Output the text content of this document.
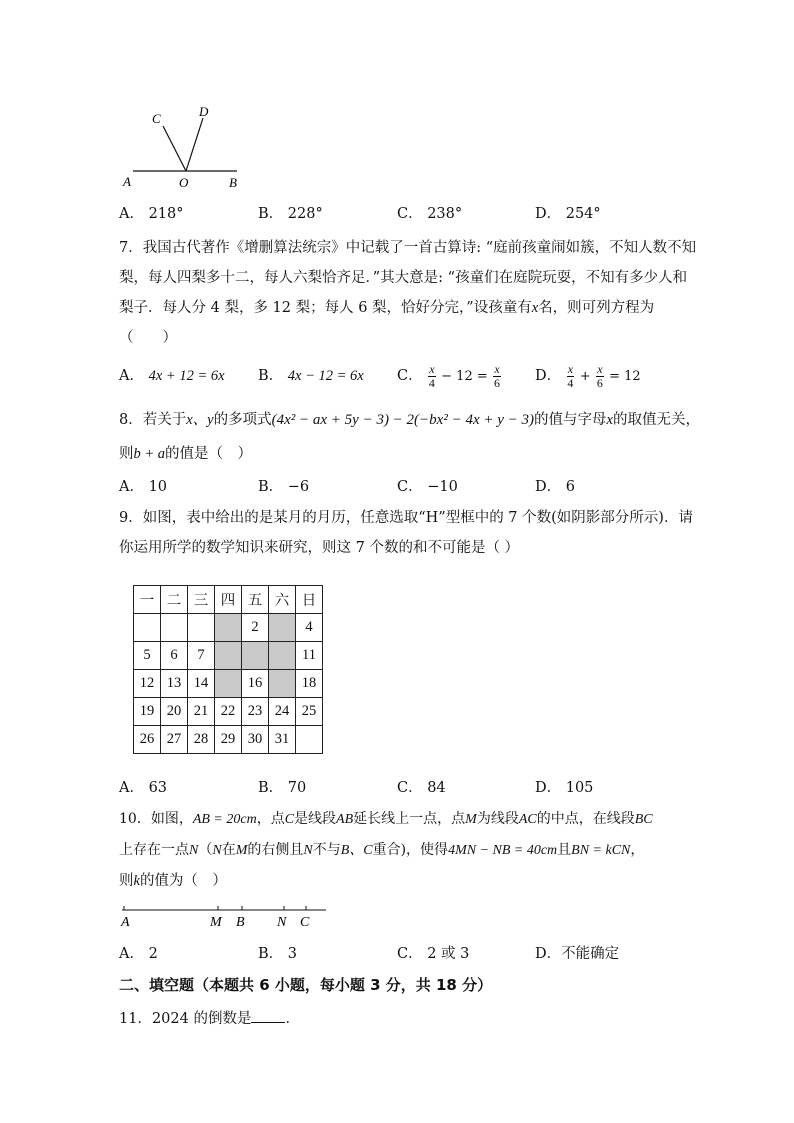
A	O	B
C	D
A． 218°	B． 228°	C． 238°	D． 254°
7．我国古代著作《增删算法统宗》中记载了一首古算诗: “庭前孩童闹如簇，不知人数不知
梨，每人四梨多十二，每人六梨恰齐足．”其大意是: “孩童们在庭院玩耍，不知有多少人和
梨子．每人分 4 梨，多 12 梨；每人 6 梨，恰好分完，”设孩童有x名，则可列方程为
（　　）
A． 4x + 12 = 6x B． 4x − 12 = 6x C． $\frac{x}{4} - 12 = \frac{x}{6}$ D． $\frac{x}{4} + \frac{x}{6} = 12$
8．若关于x、y的多项式(4x² − ax + 5y − 3) − 2(−bx² − 4x + y − 3)的值与字母x的取值无关，
则b + a的值是（　）
A． 10	B． −6	C． −10	D． 6
9．如图，表中给出的是某月的月历，任意选取“H”型框中的 7 个数(如阴影部分所示)．请
你运用所学的数学知识来研究，则这 7 个数的和不可能是（ ）
一	二	三	四	五	六	日
				2		4
5	6	7				11
12	13	14		16		18
19	20	21	22	23	24	25
26	27	28	29	30	31	
A． 63	B． 70	C． 84	D． 105
10．如图，AB = 20cm，点C是线段AB延长线上一点，点M为线段AC的中点，在线段BC
上存在一点N（N在M的右侧且N不与B、C重合)，使得4MN − NB = 40cm且BN = kCN，
则k的值为（　）
A	M B N C
A． 2	B． 3	C． 2 或 3	D．不能确定
二、填空题（本题共 6 小题，每小题 3 分，共 18 分）
11．2024 的倒数是 ．
